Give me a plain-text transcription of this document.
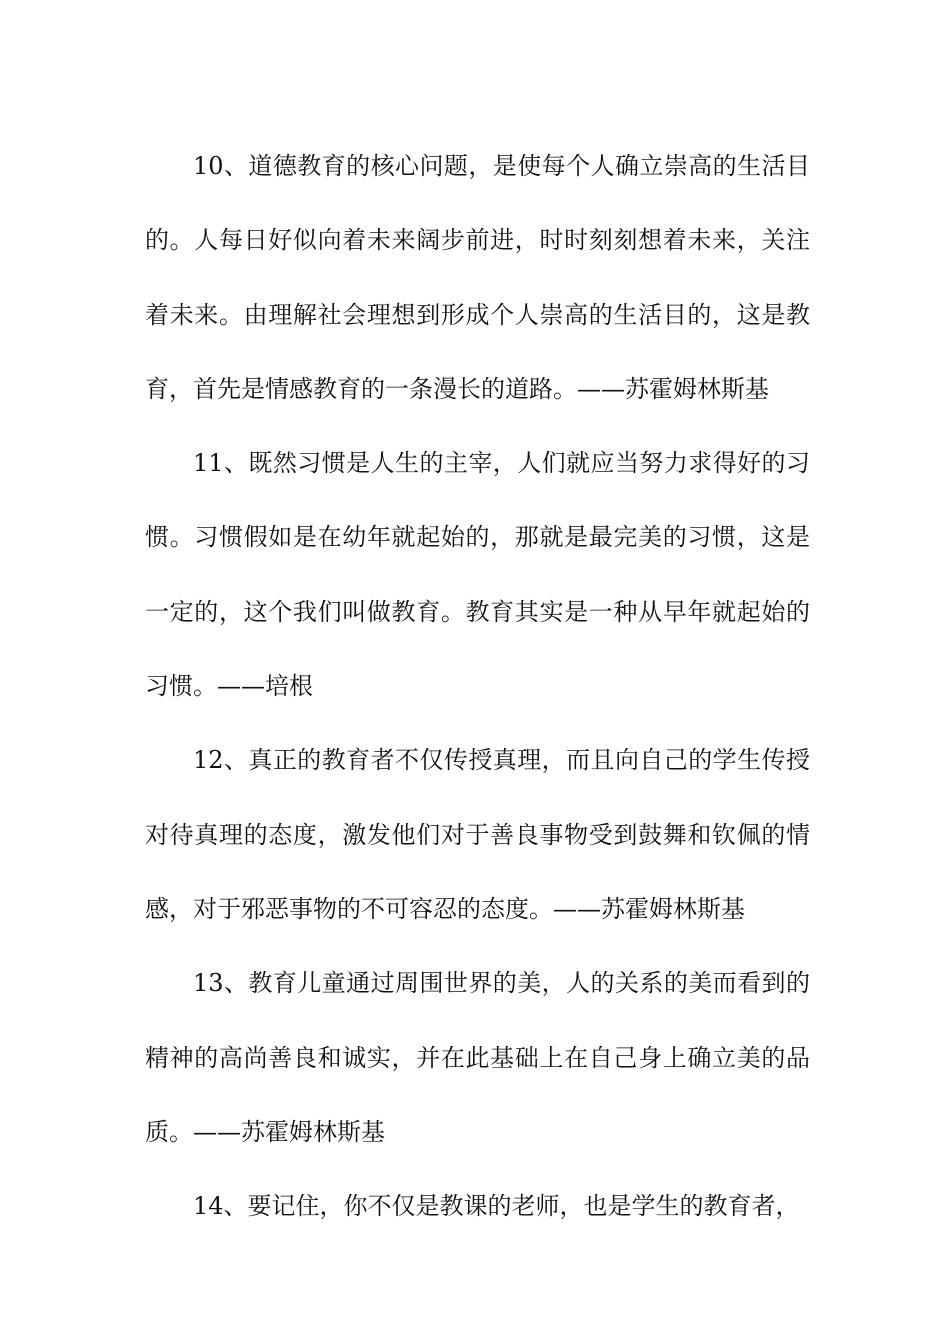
10、道德教育的核心问题，是使每个人确立崇高的生活目
的。人每日好似向着未来阔步前进，时时刻刻想着未来，关注
着未来。由理解社会理想到形成个人崇高的生活目的，这是教
育，首先是情感教育的一条漫长的道路。——苏霍姆林斯基
11、既然习惯是人生的主宰，人们就应当努力求得好的习
惯。习惯假如是在幼年就起始的，那就是最完美的习惯，这是
一定的，这个我们叫做教育。教育其实是一种从早年就起始的
习惯。——培根
12、真正的教育者不仅传授真理，而且向自己的学生传授
对待真理的态度，激发他们对于善良事物受到鼓舞和钦佩的情
感，对于邪恶事物的不可容忍的态度。——苏霍姆林斯基
13、教育儿童通过周围世界的美，人的关系的美而看到的
精神的高尚善良和诚实，并在此基础上在自己身上确立美的品
质。——苏霍姆林斯基
14、要记住，你不仅是教课的老师，也是学生的教育者，
